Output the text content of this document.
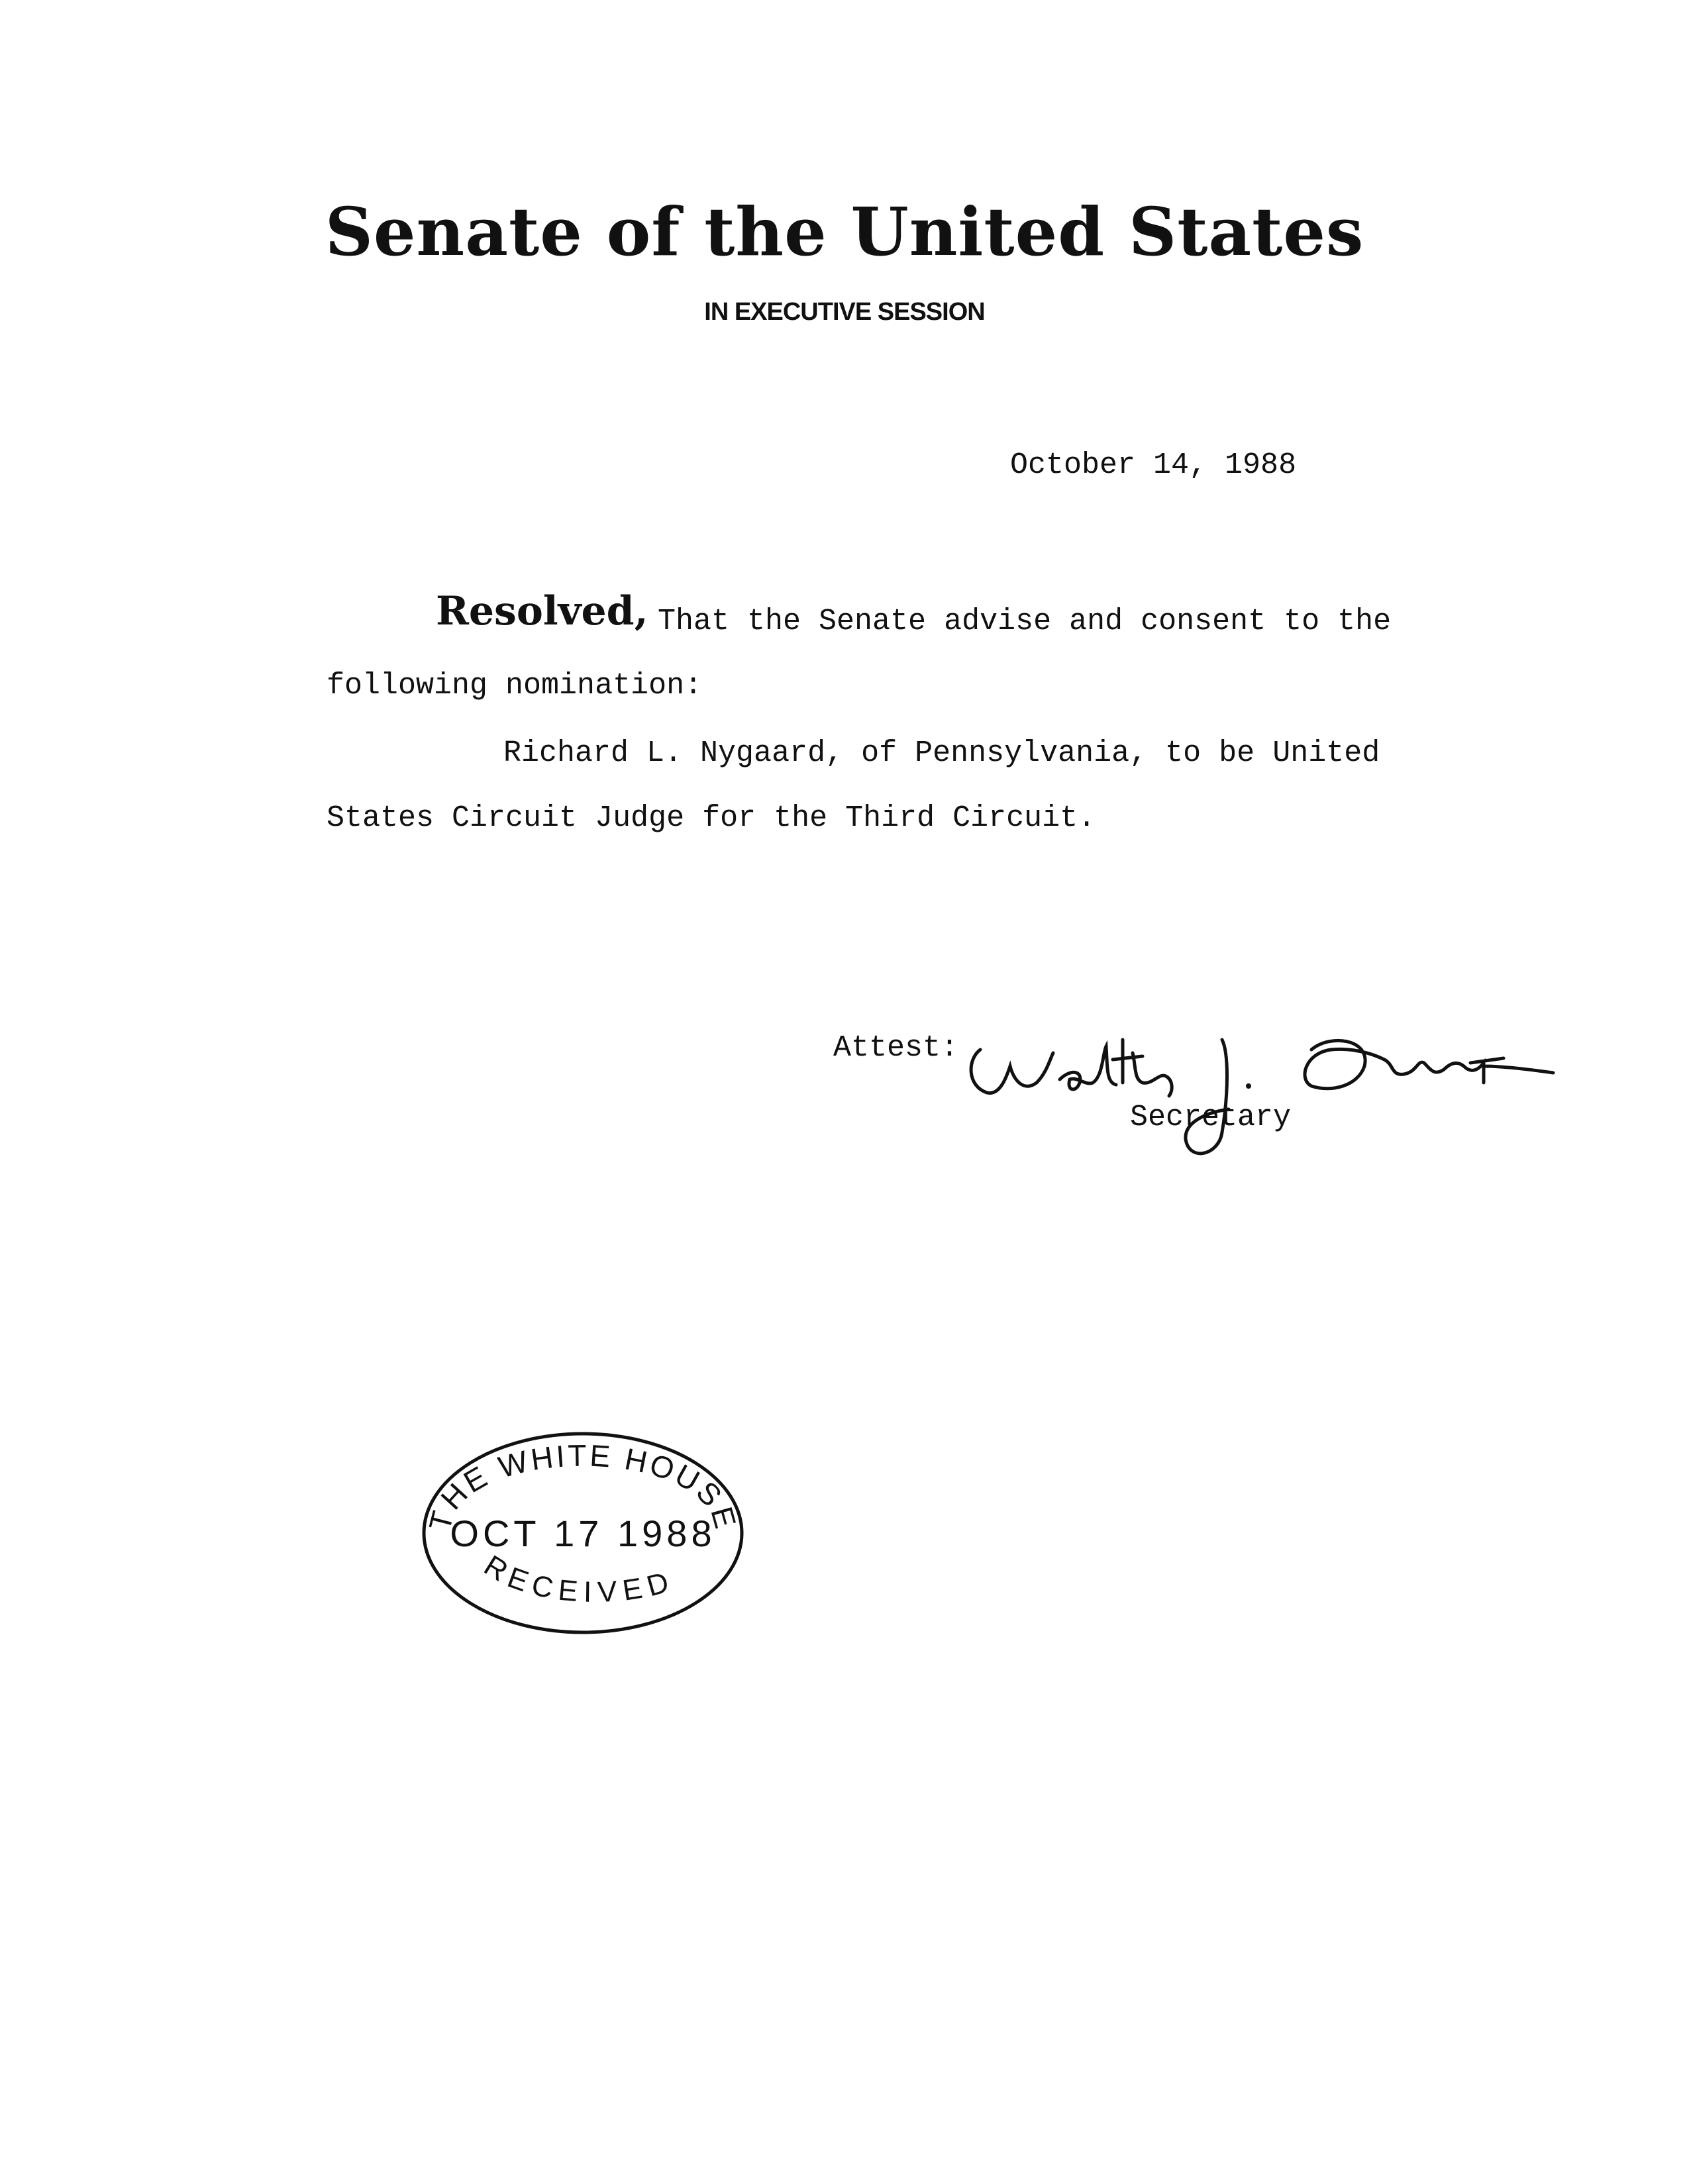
Senate of the United States
IN EXECUTIVE SESSION
October 14, 1988
Resolved, That the Senate advise and consent to the
following nomination:
Richard L. Nygaard, of Pennsylvania, to be United
States Circuit Judge for the Third Circuit.
Attest:
Secretary
THE WHITE HOUSE
OCT 17 1988
RECEIVED
